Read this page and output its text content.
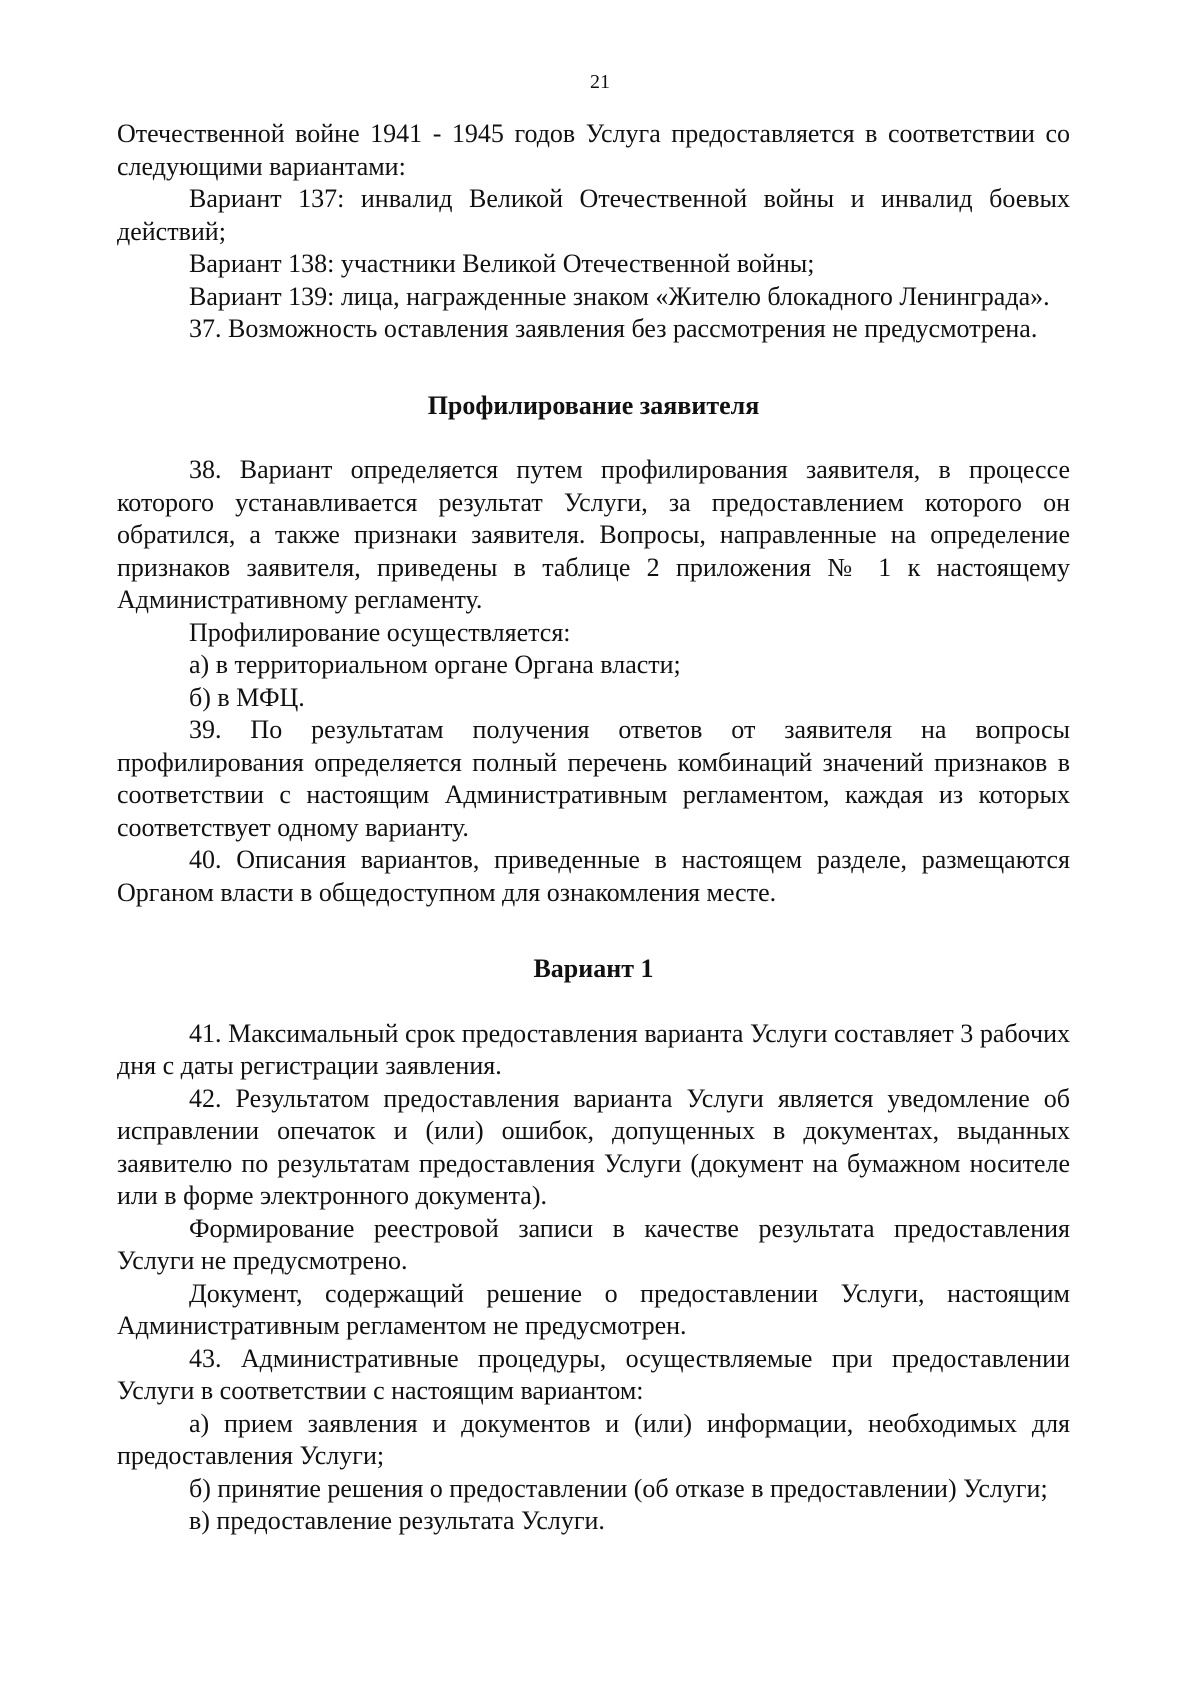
21

Отечественной войне 1941 - 1945 годов Услуга предоставляется в соответствии со следующими вариантами:

Вариант 137: инвалид Великой Отечественной войны и инвалид боевых действий;

Вариант 138: участники Великой Отечественной войны;

Вариант 139: лица, награжденные знаком «Жителю блокадного Ленинграда».

37. Возможность оставления заявления без рассмотрения не предусмотрена.

Профилирование заявителя

38. Вариант определяется путем профилирования заявителя, в процессе которого устанавливается результат Услуги, за предоставлением которого он обратился, а также признаки заявителя. Вопросы, направленные на определение признаков заявителя, приведены в таблице 2 приложения № 1 к настоящему Административному регламенту.

Профилирование осуществляется:

а) в территориальном органе Органа власти;

б) в МФЦ.

39. По результатам получения ответов от заявителя на вопросы профилирования определяется полный перечень комбинаций значений признаков в соответствии с настоящим Административным регламентом, каждая из которых соответствует одному варианту.

40. Описания вариантов, приведенные в настоящем разделе, размещаются Органом власти в общедоступном для ознакомления месте.

Вариант 1

41. Максимальный срок предоставления варианта Услуги составляет 3 рабочих дня с даты регистрации заявления.

42. Результатом предоставления варианта Услуги является уведомление об исправлении опечаток и (или) ошибок, допущенных в документах, выданных заявителю по результатам предоставления Услуги (документ на бумажном носителе или в форме электронного документа).

Формирование реестровой записи в качестве результата предоставления Услуги не предусмотрено.

Документ, содержащий решение о предоставлении Услуги, настоящим Административным регламентом не предусмотрен.

43. Административные процедуры, осуществляемые при предоставлении Услуги в соответствии с настоящим вариантом:

а) прием заявления и документов и (или) информации, необходимых для предоставления Услуги;

б) принятие решения о предоставлении (об отказе в предоставлении) Услуги;

в) предоставление результата Услуги.
